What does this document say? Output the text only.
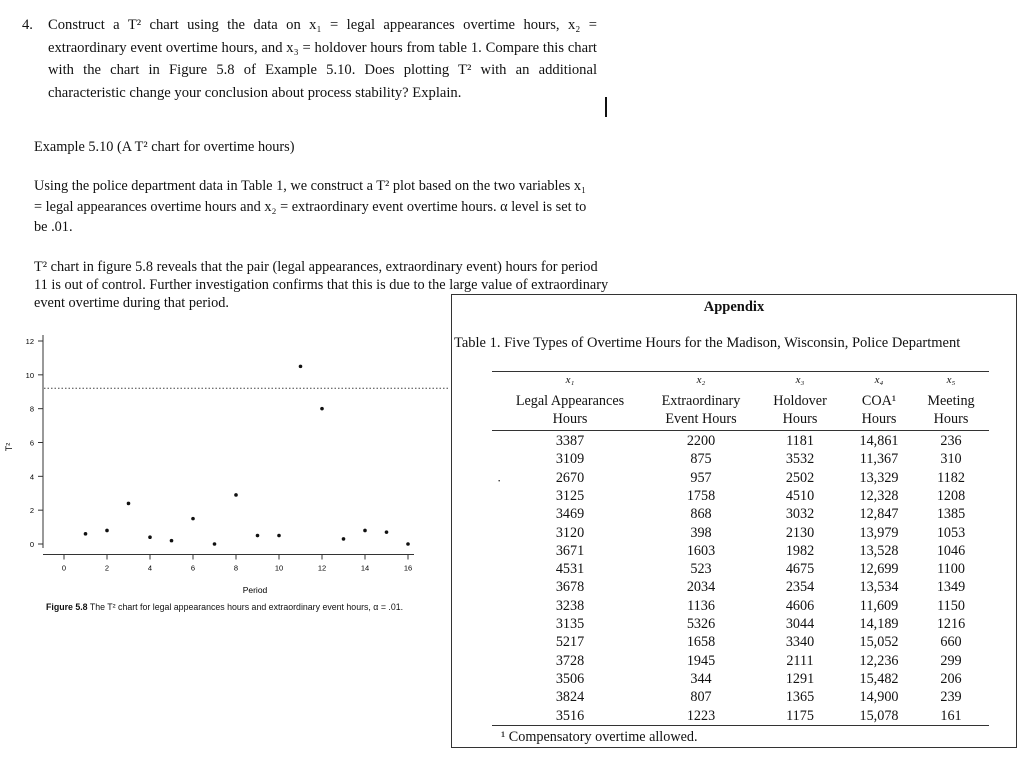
4. Construct a T² chart using the data on x₁ = legal appearances overtime hours, x₂ = extraordinary event overtime hours, and x₃ = holdover hours from table 1. Compare this chart with the chart in Figure 5.8 of Example 5.10. Does plotting T² with an additional characteristic change your conclusion about process stability? Explain.
Example 5.10 (A T² chart for overtime hours)
Using the police department data in Table 1, we construct a T² plot based on the two variables x₁ = legal appearances overtime hours and x₂ = extraordinary event overtime hours. α level is set to be .01.
T² chart in figure 5.8 reveals that the pair (legal appearances, extraordinary event) hours for period 11 is out of control. Further investigation confirms that this is due to the large value of extraordinary event overtime during that period.
0
2
4
6
8
10
12
0	2	4	6	8	10	12	14	16
T²
Period
Figure 5.8 The T² chart for legal appearances hours and extraordinary event hours, α = .01.
·
Appendix
Table 1. Five Types of Overtime Hours for the Madison, Wisconsin, Police Department
x₁
Legal Appearances
Hours
x₂
Extraordinary
Event Hours
x₃
Holdover
Hours
x₄
COA¹
Hours
x₅
Meeting
Hours
3387	2200	1181	14,861	236
3109	875	3532	11,367	310
2670	957	2502	13,329	1182
3125	1758	4510	12,328	1208
3469	868	3032	12,847	1385
3120	398	2130	13,979	1053
3671	1603	1982	13,528	1046
4531	523	4675	12,699	1100
3678	2034	2354	13,534	1349
3238	1136	4606	11,609	1150
3135	5326	3044	14,189	1216
5217	1658	3340	15,052	660
3728	1945	2111	12,236	299
3506	344	1291	15,482	206
3824	807	1365	14,900	239
3516	1223	1175	15,078	161
¹ Compensatory overtime allowed.
